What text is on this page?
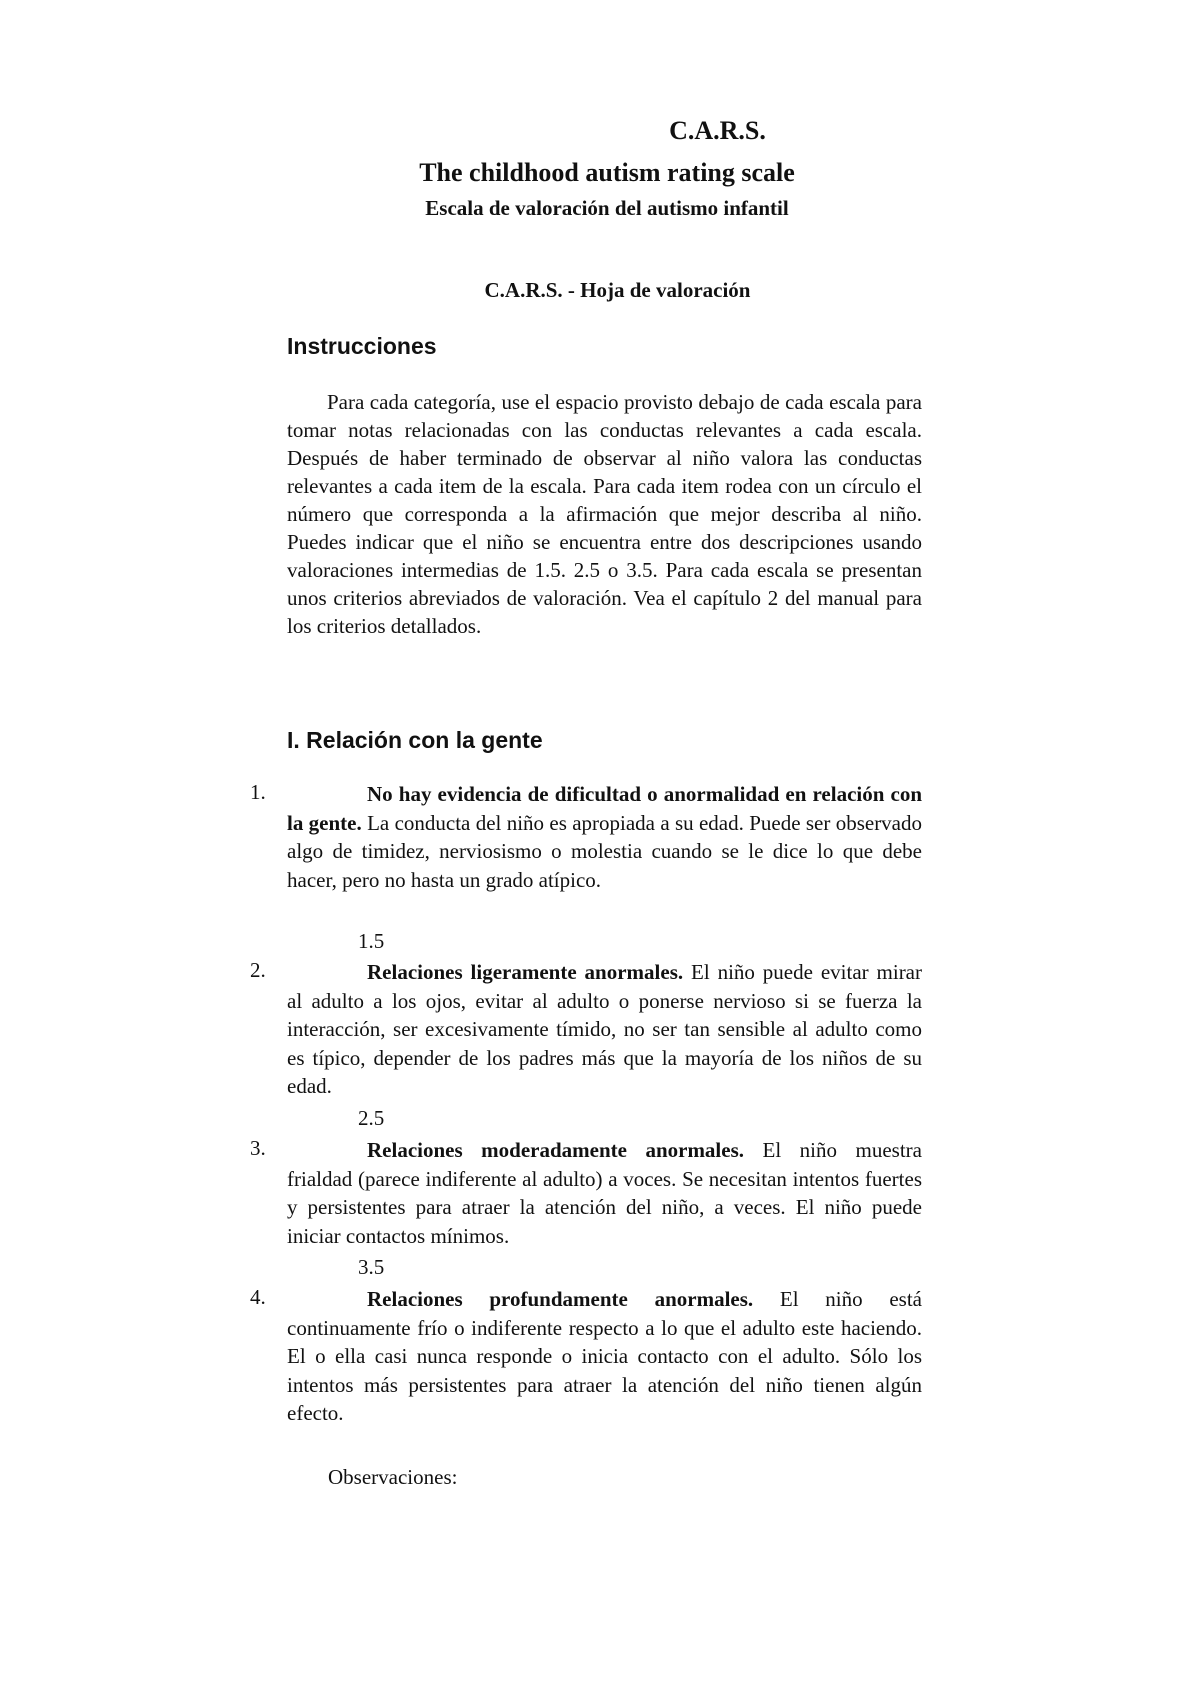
C.A.R.S.
The childhood autism rating scale
Escala de valoración del autismo infantil
C.A.R.S. - Hoja de valoración
Instrucciones
Para cada categoría, use el espacio provisto debajo de cada escala para tomar notas relacionadas con las conductas relevantes a cada escala. Después de haber terminado de observar al niño valora las conductas relevantes a cada item de la escala. Para cada item rodea con un círculo el número que corresponda a la afirmación que mejor describa al niño. Puedes indicar que el niño se encuentra entre dos descripciones usando valoraciones intermedias de 1.5. 2.5 o 3.5. Para cada escala se presentan unos criterios abreviados de valoración. Vea el capítulo 2 del manual para los criterios detallados.
I. Relación con la gente
1.	No hay evidencia de dificultad o anormalidad en relación con la gente. La conducta del niño es apropiada a su edad. Puede ser observado algo de timidez, nerviosismo o molestia cuando se le dice lo que debe hacer, pero no hasta un grado atípico.
1.5
2.	Relaciones ligeramente anormales. El niño puede evitar mirar al adulto a los ojos, evitar al adulto o ponerse nervioso si se fuerza la interacción, ser excesivamente tímido, no ser tan sensible al adulto como es típico, depender de los padres más que la mayoría de los niños de su edad.
2.5
3.	Relaciones moderadamente anormales. El niño muestra frialdad (parece indiferente al adulto) a voces. Se necesitan intentos fuertes y persistentes para atraer la atención del niño, a veces. El niño puede iniciar contactos mínimos.
3.5
4.	Relaciones profundamente anormales. El niño está continuamente frío o indiferente respecto a lo que el adulto este haciendo. El o ella casi nunca responde o inicia contacto con el adulto. Sólo los intentos más persistentes para atraer la atención del niño tienen algún efecto.
Observaciones:
